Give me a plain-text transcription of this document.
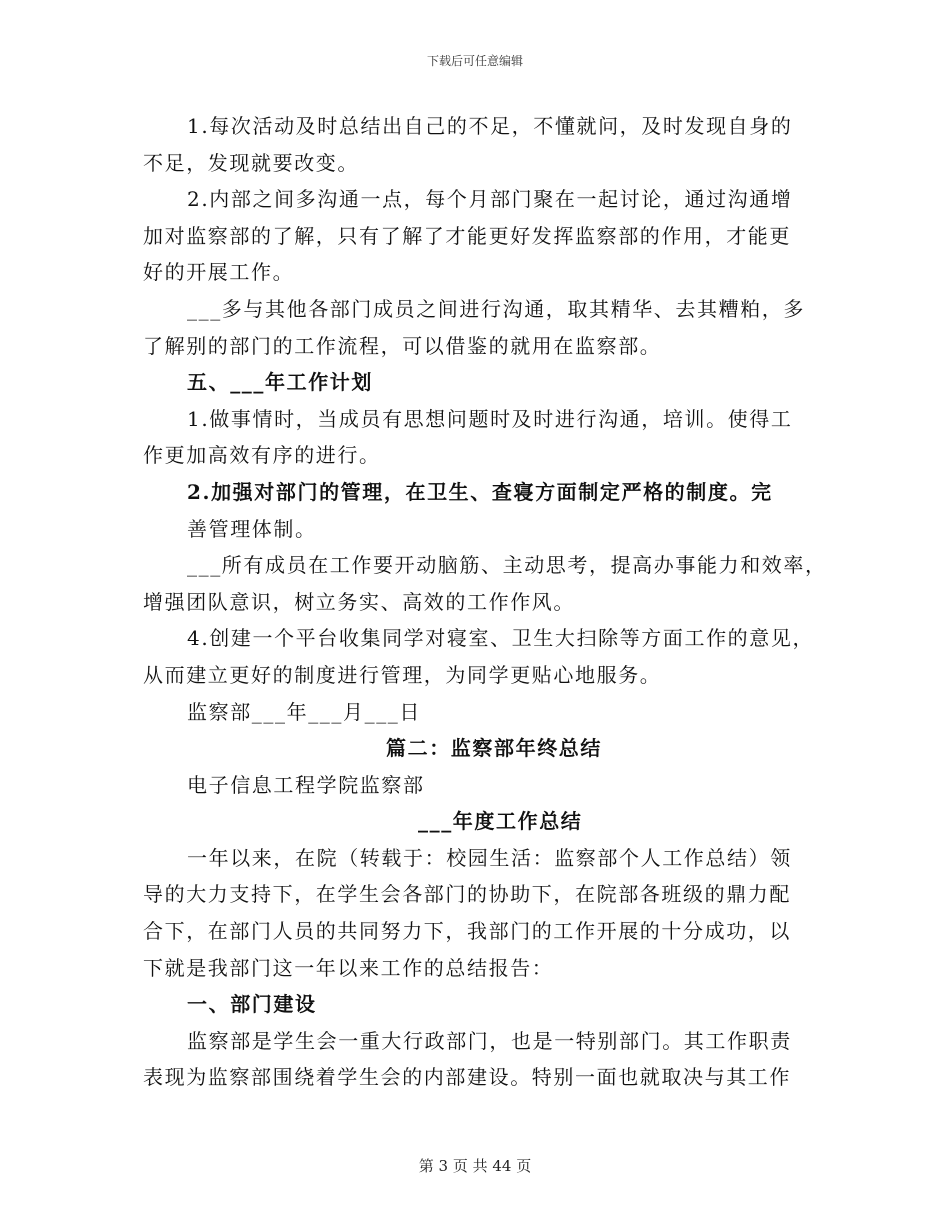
下载后可任意编辑
1.每次活动及时总结出自己的不足，不懂就问，及时发现自身的
不足，发现就要改变。
2.内部之间多沟通一点，每个月部门聚在一起讨论，通过沟通增
加对监察部的了解，只有了解了才能更好发挥监察部的作用，才能更
好的开展工作。
___多与其他各部门成员之间进行沟通，取其精华、去其糟粕，多
了解别的部门的工作流程，可以借鉴的就用在监察部。
五、___年工作计划
1.做事情时，当成员有思想问题时及时进行沟通，培训。使得工
作更加高效有序的进行。
2.加强对部门的管理，在卫生、查寝方面制定严格的制度。完
善管理体制。
___所有成员在工作要开动脑筋、主动思考，提高办事能力和效率，
增强团队意识，树立务实、高效的工作作风。
4.创建一个平台收集同学对寝室、卫生大扫除等方面工作的意见，
从而建立更好的制度进行管理，为同学更贴心地服务。
监察部___年___月___日
篇二：监察部年终总结
电子信息工程学院监察部
___年度工作总结
一年以来，在院（转载于：校园生活：监察部个人工作总结）领
导的大力支持下，在学生会各部门的协助下，在院部各班级的鼎力配
合下，在部门人员的共同努力下，我部门的工作开展的十分成功，以
下就是我部门这一年以来工作的总结报告：
一、部门建设
监察部是学生会一重大行政部门，也是一特别部门。其工作职责
表现为监察部围绕着学生会的内部建设。特别一面也就取决与其工作
第 3 页 共 44 页
